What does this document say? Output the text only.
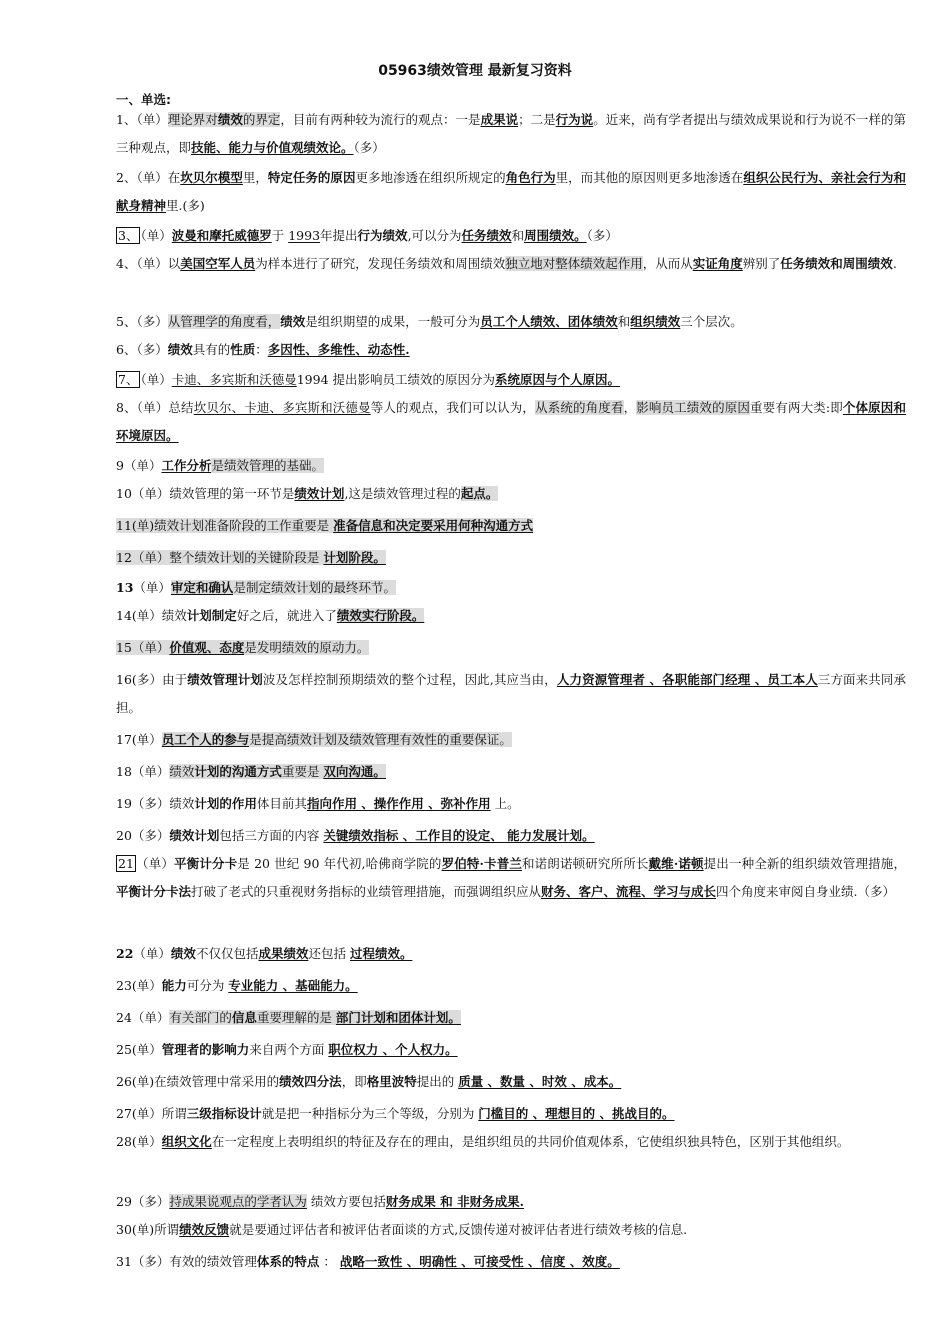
05963绩效管理 最新复习资料
一、单选:
1、（单）理论界对绩效的界定，目前有两种较为流行的观点：一是成果说；二是行为说。近来，尚有学者提出与绩效成果说和行为说不一样的第三种观点，即技能、能力与价值观绩效论。（多）
2、（单）在坎贝尔模型里，特定任务的原因更多地渗透在组织所规定的角色行为里，而其他的原因则更多地渗透在组织公民行为、亲社会行为和献身精神里.(多)
3、 （单）波曼和摩托威德罗于 1993年提出行为绩效,可以分为任务绩效和周围绩效。（多）
4、（单）以美国空军人员为样本进行了研究，发现任务绩效和周围绩效独立地对整体绩效起作用，从而从实证角度辨别了任务绩效和周围绩效.
5、（多）从管理学的角度看，绩效是组织期望的成果，一般可分为员工个人绩效、团体绩效和组织绩效三个层次。
6、（多）绩效具有的性质：多因性、多维性、动态性.
7、 （单）卡迪、多宾斯和沃德曼1994 提出影响员工绩效的原因分为系统原因与个人原因。
8、（单）总结坎贝尔、卡迪、多宾斯和沃德曼等人的观点，我们可以认为，从系统的角度看，影响员工绩效的原因重要有两大类:即个体原因和环境原因。
9（单）工作分析是绩效管理的基础。
10（单）绩效管理的第一环节是绩效计划,这是绩效管理过程的起点。
11(单)绩效计划准备阶段的工作重要是 准备信息和决定要采用何种沟通方式
12（单）整个绩效计划的关键阶段是 计划阶段。
13（单）审定和确认是制定绩效计划的最终环节。
14(单）绩效计划制定好之后，就进入了绩效实行阶段。
15（单）价值观、态度是发明绩效的原动力。
16(多）由于绩效管理计划波及怎样控制预期绩效的整个过程，因此,其应当由，人力资源管理者 、各职能部门经理 、员工本人三方面来共同承担。
17(单）员工个人的参与是提高绩效计划及绩效管理有效性的重要保证。
18（单）绩效计划的沟通方式重要是 双向沟通。
19（多）绩效计划的作用体目前其指向作用 、操作作用 、弥补作用 上。
20（多）绩效计划包括三方面的内容 关键绩效指标 、工作目的设定、 能力发展计划。
21 （单）平衡计分卡是 20 世纪 90 年代初,哈佛商学院的罗伯特·卡普兰和诺朗诺顿研究所所长戴维·诺顿提出一种全新的组织绩效管理措施，平衡计分卡法打破了老式的只重视财务指标的业绩管理措施，而强调组织应从财务、客户、流程、学习与成长四个角度来审阅自身业绩.（多）
22（单）绩效不仅仅包括成果绩效还包括 过程绩效。
23(单）能力可分为 专业能力 、基础能力。
24（单）有关部门的信息重要理解的是 部门计划和团体计划。
25(单）管理者的影响力来自两个方面 职位权力 、个人权力。
26(单)在绩效管理中常采用的绩效四分法，即格里波特提出的 质量 、数量 、时效 、成本。
27(单）所谓三级指标设计就是把一种指标分为三个等级，分别为 门槛目的 、理想目的 、挑战目的。
28(单）组织文化在一定程度上表明组织的特征及存在的理由，是组织组员的共同价值观体系，它使组织独具特色，区别于其他组织。
29（多）持成果说观点的学者认为 绩效方要包括财务成果 和 非财务成果.
30(单)所谓绩效反馈就是要通过评估者和被评估者面谈的方式,反馈传递对被评估者进行绩效考核的信息.
31（多）有效的绩效管理体系的特点 ： 战略一致性 、明确性 、可接受性 、信度 、效度。
